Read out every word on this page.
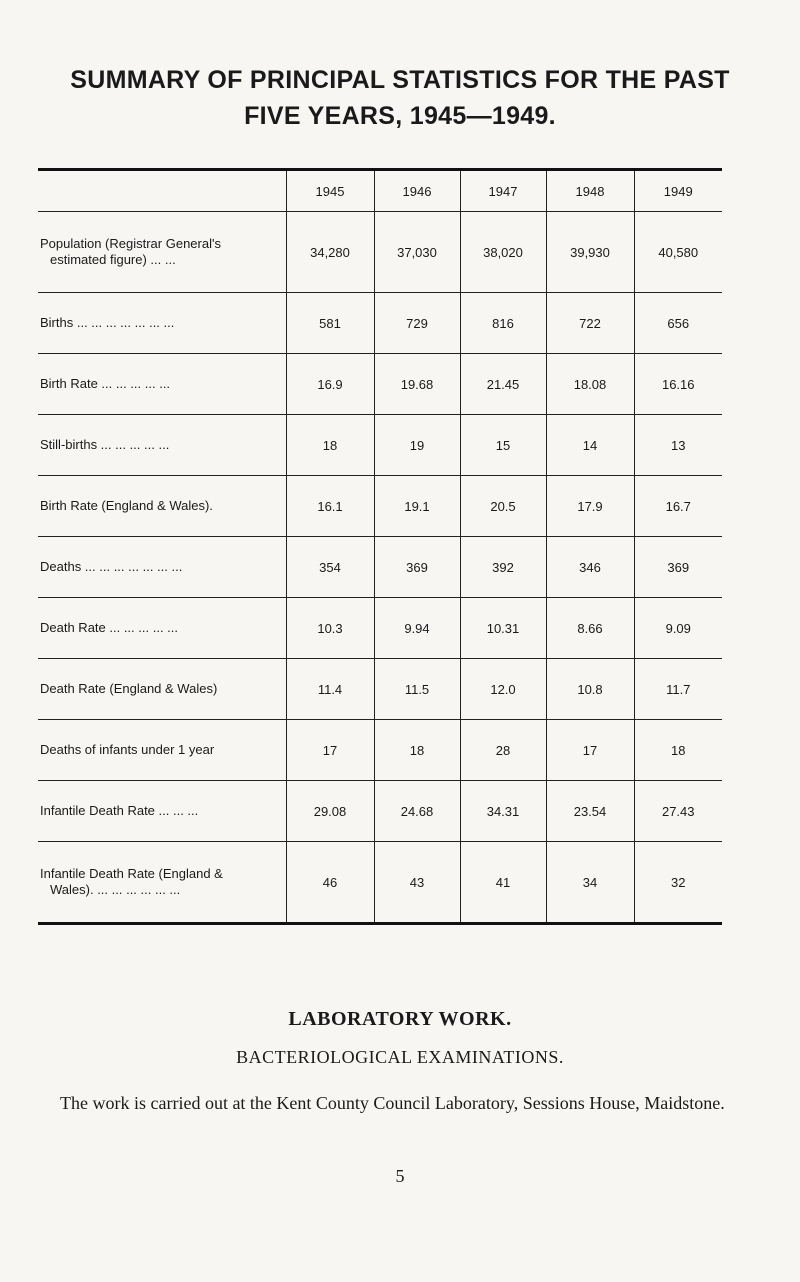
SUMMARY OF PRINCIPAL STATISTICS FOR THE PAST
FIVE YEARS, 1945—1949.
	1945	1946	1947	1948	1949
Population (Registrar General's
estimated figure) ... ...	34,280	37,030	38,020	39,930	40,580
Births ... ... ... ... ... ... ...	581	729	816	722	656
Birth Rate ... ... ... ... ...	16.9	19.68	21.45	18.08	16.16
Still-births ... ... ... ... ...	18	19	15	14	13
Birth Rate (England & Wales).	16.1	19.1	20.5	17.9	16.7
Deaths ... ... ... ... ... ... ...	354	369	392	346	369
Death Rate ... ... ... ... ...	10.3	9.94	10.31	8.66	9.09
Death Rate (England & Wales)	11.4	11.5	12.0	10.8	11.7
Deaths of infants under 1 year	17	18	28	17	18
Infantile Death Rate ... ... ...	29.08	24.68	34.31	23.54	27.43
Infantile Death Rate (England &
Wales). ... ... ... ... ... ...	46	43	41	34	32
LABORATORY WORK.
BACTERIOLOGICAL EXAMINATIONS.
The work is carried out at the Kent County Council Laboratory, Sessions House, Maidstone.
5
